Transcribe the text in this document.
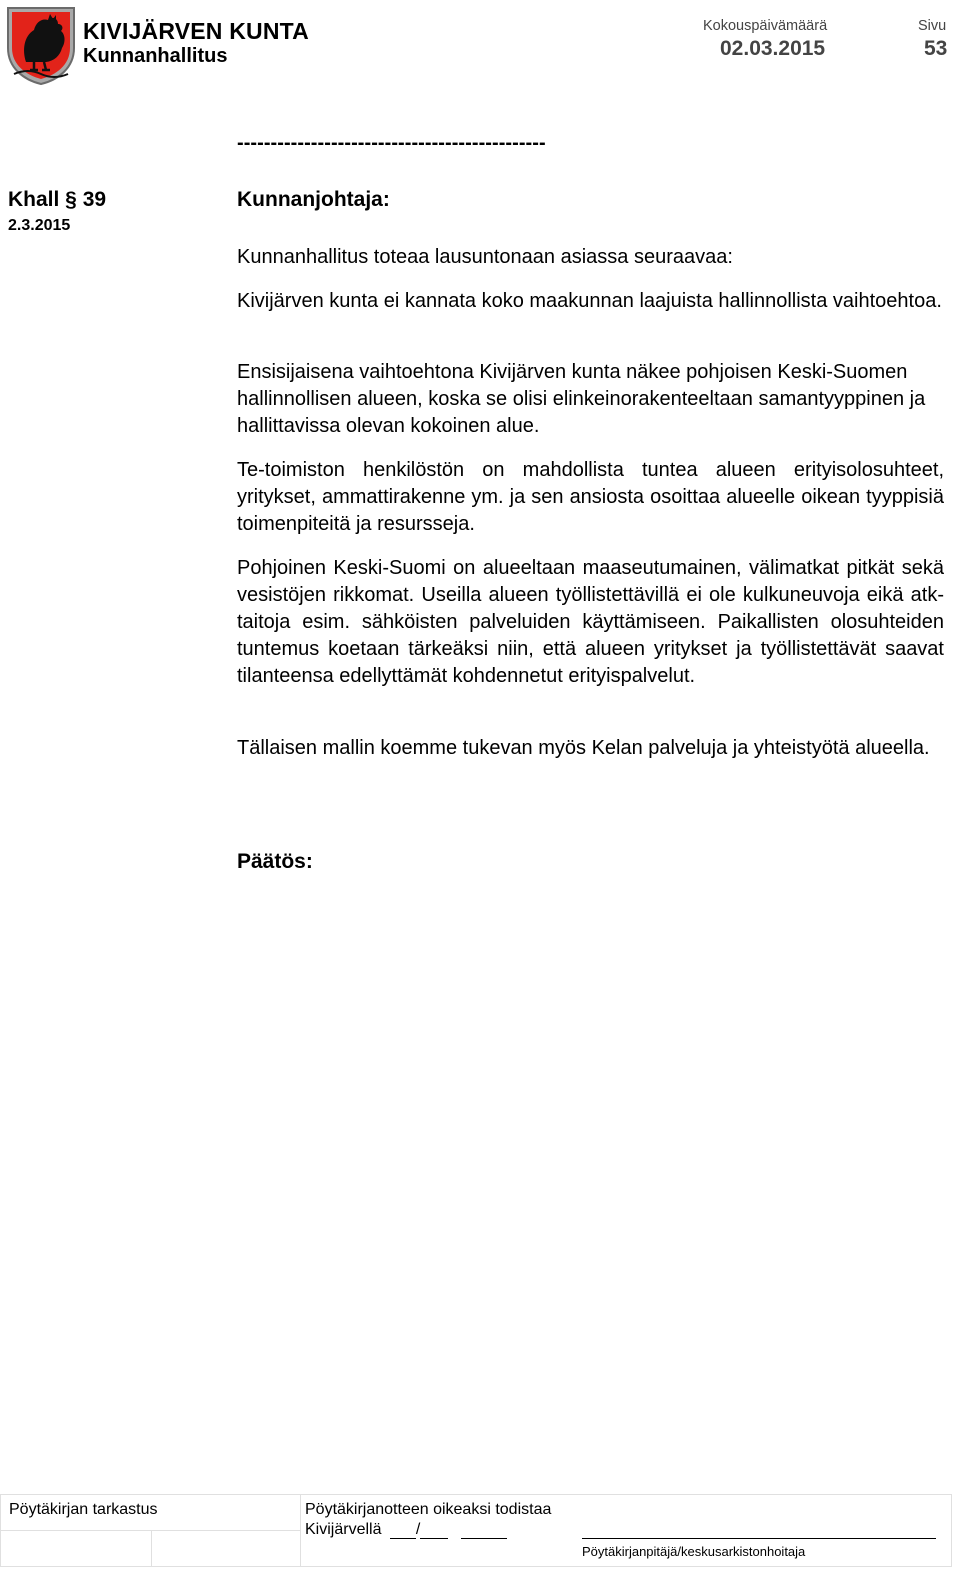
KIVIJÄRVEN KUNTA
Kunnanhallitus
Kokouspäivämäärä
02.03.2015
Sivu
53
----------------------------------------------
Khall § 39
2.3.2015
Kunnanjohtaja:

Kunnanhallitus toteaa lausuntonaan asiassa seuraavaa:

Kivijärven kunta ei kannata koko maakunnan laajuista hallinnollista vaihtoehtoa.

Ensisijaisena vaihtoehtona Kivijärven kunta näkee pohjoisen Keski-Suomen hallinnollisen alueen, koska se olisi elinkeinorakenteeltaan samantyyppinen ja hallittavissa olevan kokoinen alue.

Te-toimiston henkilöstön on mahdollista tuntea alueen erityisolosuhteet, yritykset, ammattirakenne ym. ja sen ansiosta osoittaa alueelle oikean tyyppisiä toimenpiteitä ja resursseja.

Pohjoinen Keski-Suomi on alueeltaan maaseutumainen, välimatkat pitkät sekä vesistöjen rikkomat. Useilla alueen työllistettävillä ei ole kulkuneuvoja eikä atk-taitoja esim. sähköisten palveluiden käyttämiseen. Paikallisten olosuhteiden tuntemus koetaan tärkeäksi niin, että alueen yritykset ja työllistettävät saavat tilanteensa edellyttämät kohdennetut erityispalvelut.

Tällaisen mallin koemme tukevan myös Kelan palveluja ja yhteistyötä alueella.

Päätös:
Pöytäkirjan tarkastus		Pöytäkirjanotteen oikeaksi todistaa
Kivijärvellä /

Pöytäkirjanpitäjä/keskusarkistonhoitaja
